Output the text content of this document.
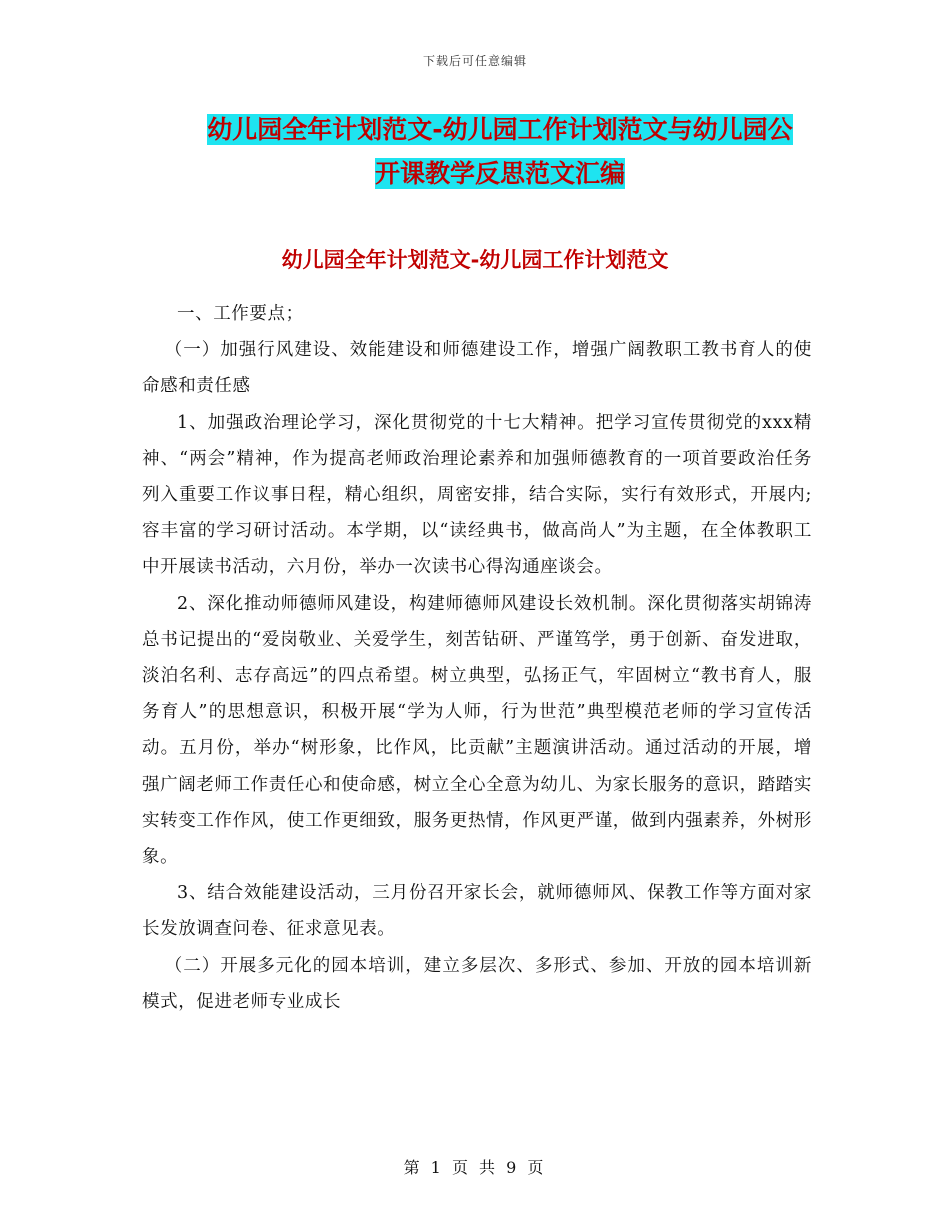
下载后可任意编辑
幼儿园全年计划范文-幼儿园工作计划范文与幼儿园公
开课教学反思范文汇编
幼儿园全年计划范文-幼儿园工作计划范文

一、工作要点；

（一）加强行风建设、效能建设和师德建设工作，增强广阔教职工教书育人的使命感和责任感

1、加强政治理论学习，深化贯彻党的十七大精神。把学习宣传贯彻党的xxx精神、“两会”精神，作为提高老师政治理论素养和加强师德教育的一项首要政治任务列入重要工作议事日程，精心组织，周密安排，结合实际，实行有效形式，开展内;容丰富的学习研讨活动。本学期，以“读经典书，做高尚人”为主题，在全体教职工中开展读书活动，六月份，举办一次读书心得沟通座谈会。

2、深化推动师德师风建设，构建师德师风建设长效机制。深化贯彻落实胡锦涛总书记提出的“爱岗敬业、关爱学生，刻苦钻研、严谨笃学，勇于创新、奋发进取，淡泊名利、志存高远”的四点希望。树立典型，弘扬正气，牢固树立“教书育人，服务育人”的思想意识，积极开展“学为人师，行为世范”典型模范老师的学习宣传活动。五月份，举办“树形象，比作风，比贡献”主题演讲活动。通过活动的开展，增强广阔老师工作责任心和使命感，树立全心全意为幼儿、为家长服务的意识，踏踏实实转变工作作风，使工作更细致，服务更热情，作风更严谨，做到内强素养，外树形象。

3、结合效能建设活动，三月份召开家长会，就师德师风、保教工作等方面对家长发放调查问卷、征求意见表。

（二）开展多元化的园本培训，建立多层次、多形式、参加、开放的园本培训新模式，促进老师专业成长

第 1 页 共 9 页
